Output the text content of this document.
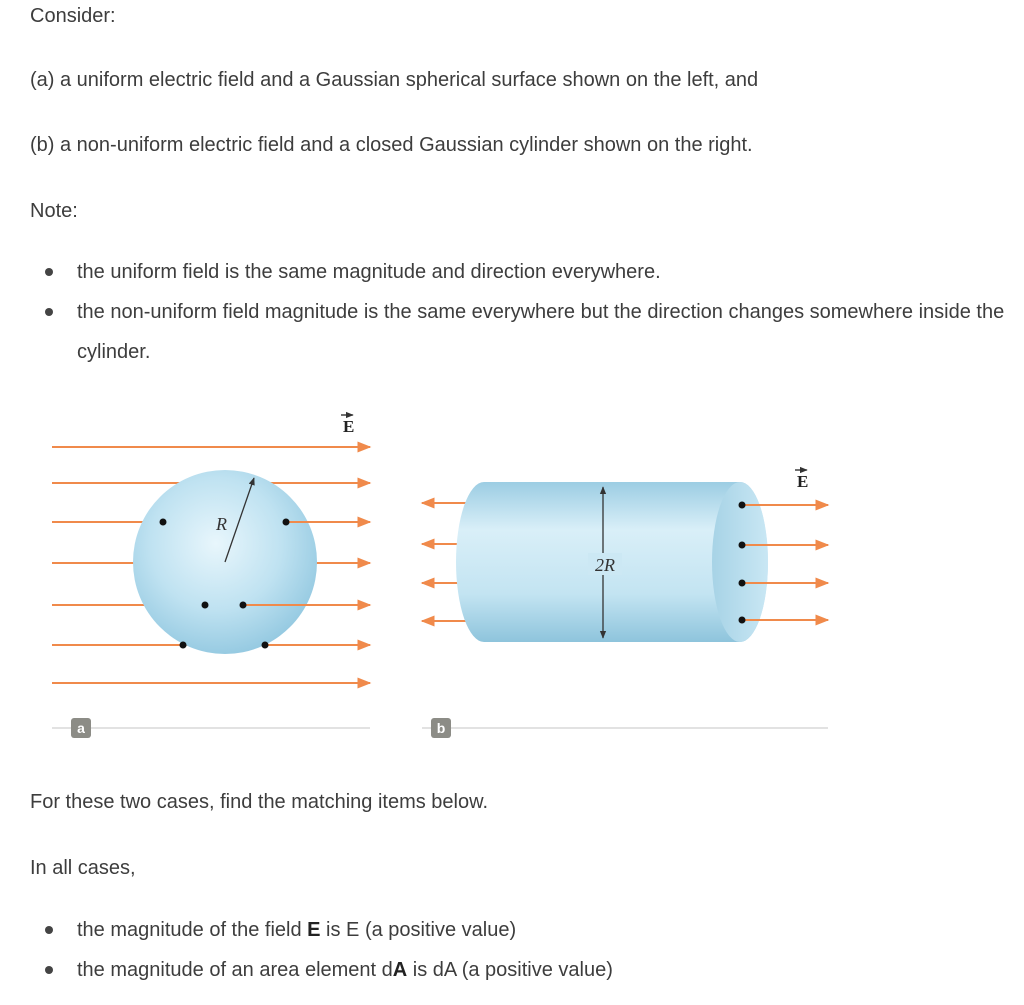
Consider:

(a) a uniform electric field and a Gaussian spherical surface shown on the left, and

(b) a non-uniform electric field and a closed Gaussian cylinder shown on the right.

Note:

the uniform field is the same magnitude and direction everywhere.
the non-uniform field magnitude is the same everywhere but the direction changes somewhere inside the cylinder.
R
E
a
2R
E
b

For these two cases, find the matching items below.

In all cases,

the magnitude of the field E is E (a positive value)
the magnitude of an area element dA is dA (a positive value)
